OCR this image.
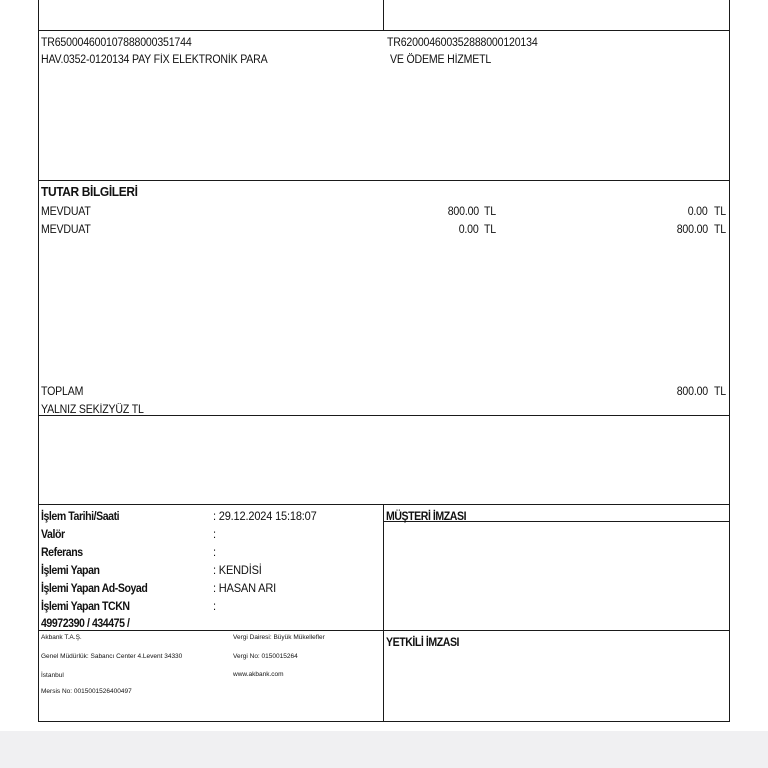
TR650004600107888000351744
HAV.0352-0120134 PAY FİX ELEKTRONİK PARA
TR620004600352888000120134
VE ÖDEME HİZMETL
TUTAR BİLGİLERİ
MEVDUAT	800.00 TL	0.00 TL
MEVDUAT	0.00 TL	800.00 TL
TOPLAM	800.00 TL
YALNIZ SEKİZYÜZ TL
İşlem Tarihi/Saati	: 29.12.2024 15:18:07
Valör	:
Referans	:
İşlemi Yapan	: KENDİSİ
İşlemi Yapan Ad-Soyad	: HASAN ARI
İşlemi Yapan TCKN	:
49972390 / 434475 /
MÜŞTERİ İMZASI
YETKİLİ İMZASI
Akbank T.A.Ş.
Genel Müdürlük: Sabancı Center 4.Levent 34330
İstanbul
Mersis No: 0015001526400497
Vergi Dairesi: Büyük Mükellefler
Vergi No: 0150015264
www.akbank.com
